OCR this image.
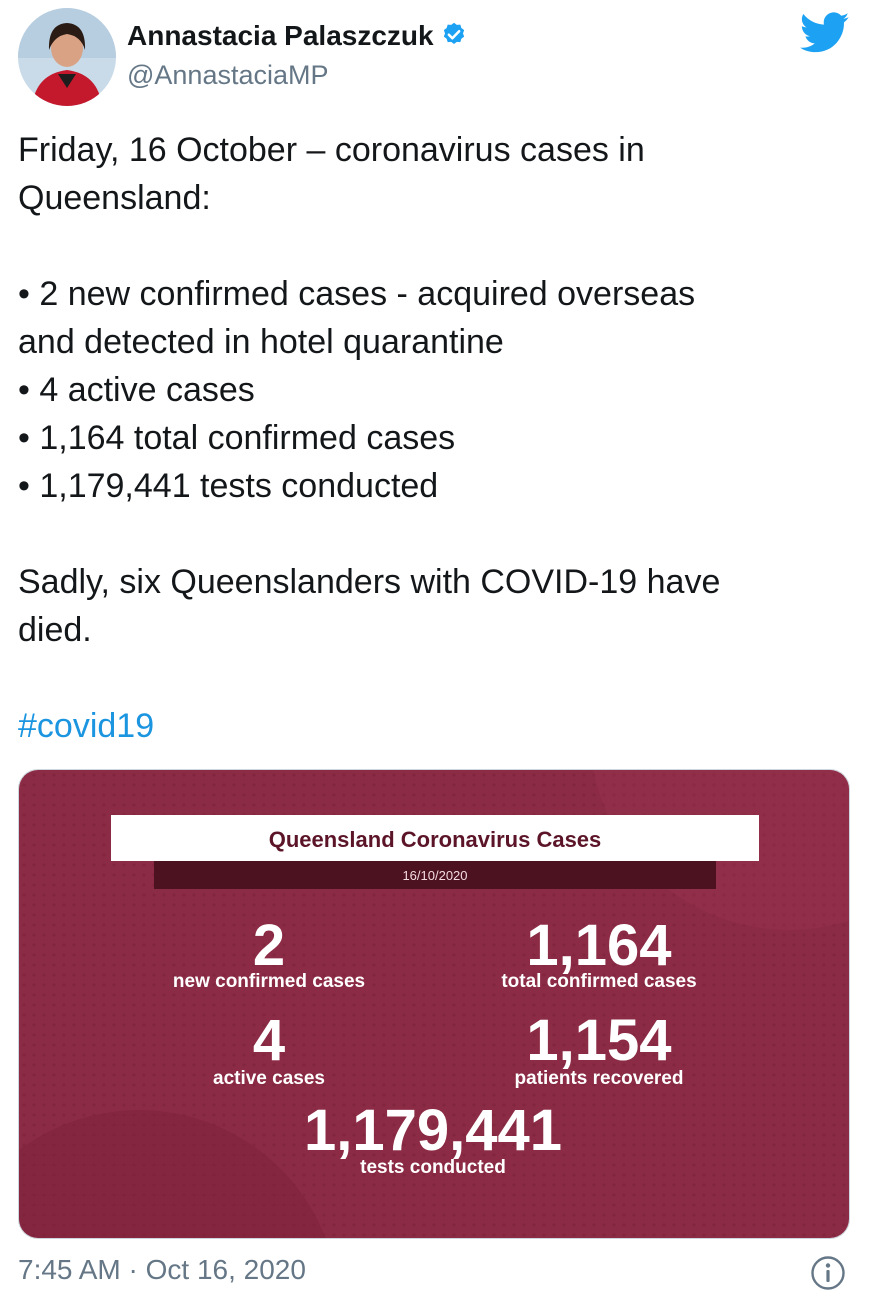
Annastacia Palaszczuk
@AnnastaciaMP
Friday, 16 October – coronavirus cases in
Queensland:
• 2 new confirmed cases - acquired overseas
and detected in hotel quarantine
• 4 active cases
• 1,164 total confirmed cases
• 1,179,441 tests conducted
Sadly, six Queenslanders with COVID-19 have
died.
#covid19
Queensland Coronavirus Cases
16/10/2020
2
new confirmed cases
1,164
total confirmed cases
4
active cases
1,154
patients recovered
1,179,441
tests conducted
7:45 AM · Oct 16, 2020
